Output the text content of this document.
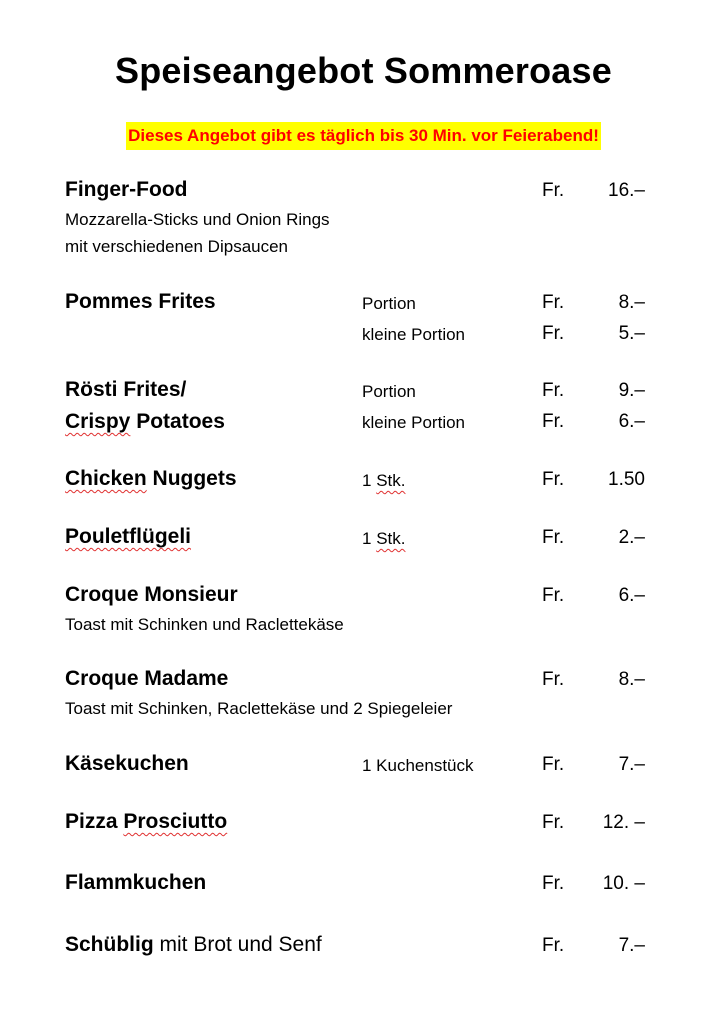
Speiseangebot Sommeroase
Dieses Angebot gibt es täglich bis 30 Min. vor Feierabend!
Finger-Food	Fr. 16.–
Mozzarella-Sticks und Onion Rings
mit verschiedenen Dipsaucen
Pommes Frites	Portion	Fr.	8.–
kleine Portion	Fr.	5.–
Rösti Frites/	Portion	Fr.	9.–
Crispy Potatoes	kleine Portion	Fr.	6.–
Chicken Nuggets	1 Stk.	Fr. 1.50
Pouletflügeli	1 Stk.	Fr.	2.–
Croque Monsieur	Fr.	6.–
Toast mit Schinken und Raclettekäse
Croque Madame	Fr.	8.–
Toast mit Schinken, Raclettekäse und 2 Spiegeleier
Käsekuchen	1 Kuchenstück	Fr.	7.–
Pizza Prosciutto	Fr. 12. –
Flammkuchen	Fr. 10. –
Schüblig mit Brot und Senf	Fr.	7.–
